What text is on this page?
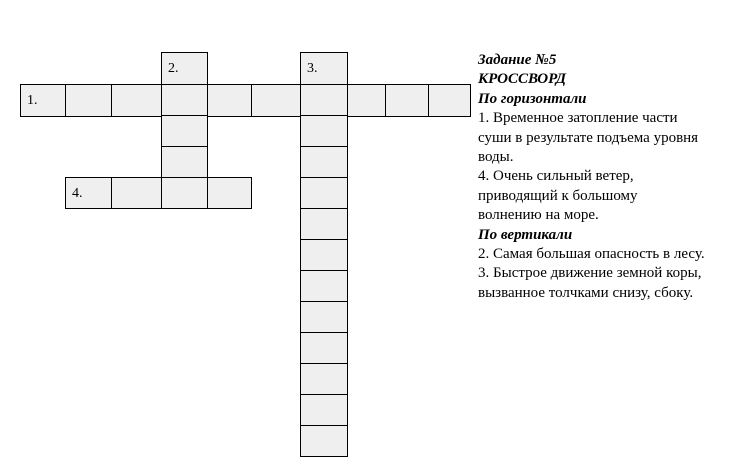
1.
2.	3.
4.
Задание №5
КРОССВОРД
По горизонтали
1. Временное затопление части
суши в результате подъема уровня
воды.
4. Очень сильный ветер,
приводящий к большому
волнению на море.
По вертикали
2. Самая большая опасность в лесу.
3. Быстрое движение земной коры,
вызванное толчками снизу, сбоку.
